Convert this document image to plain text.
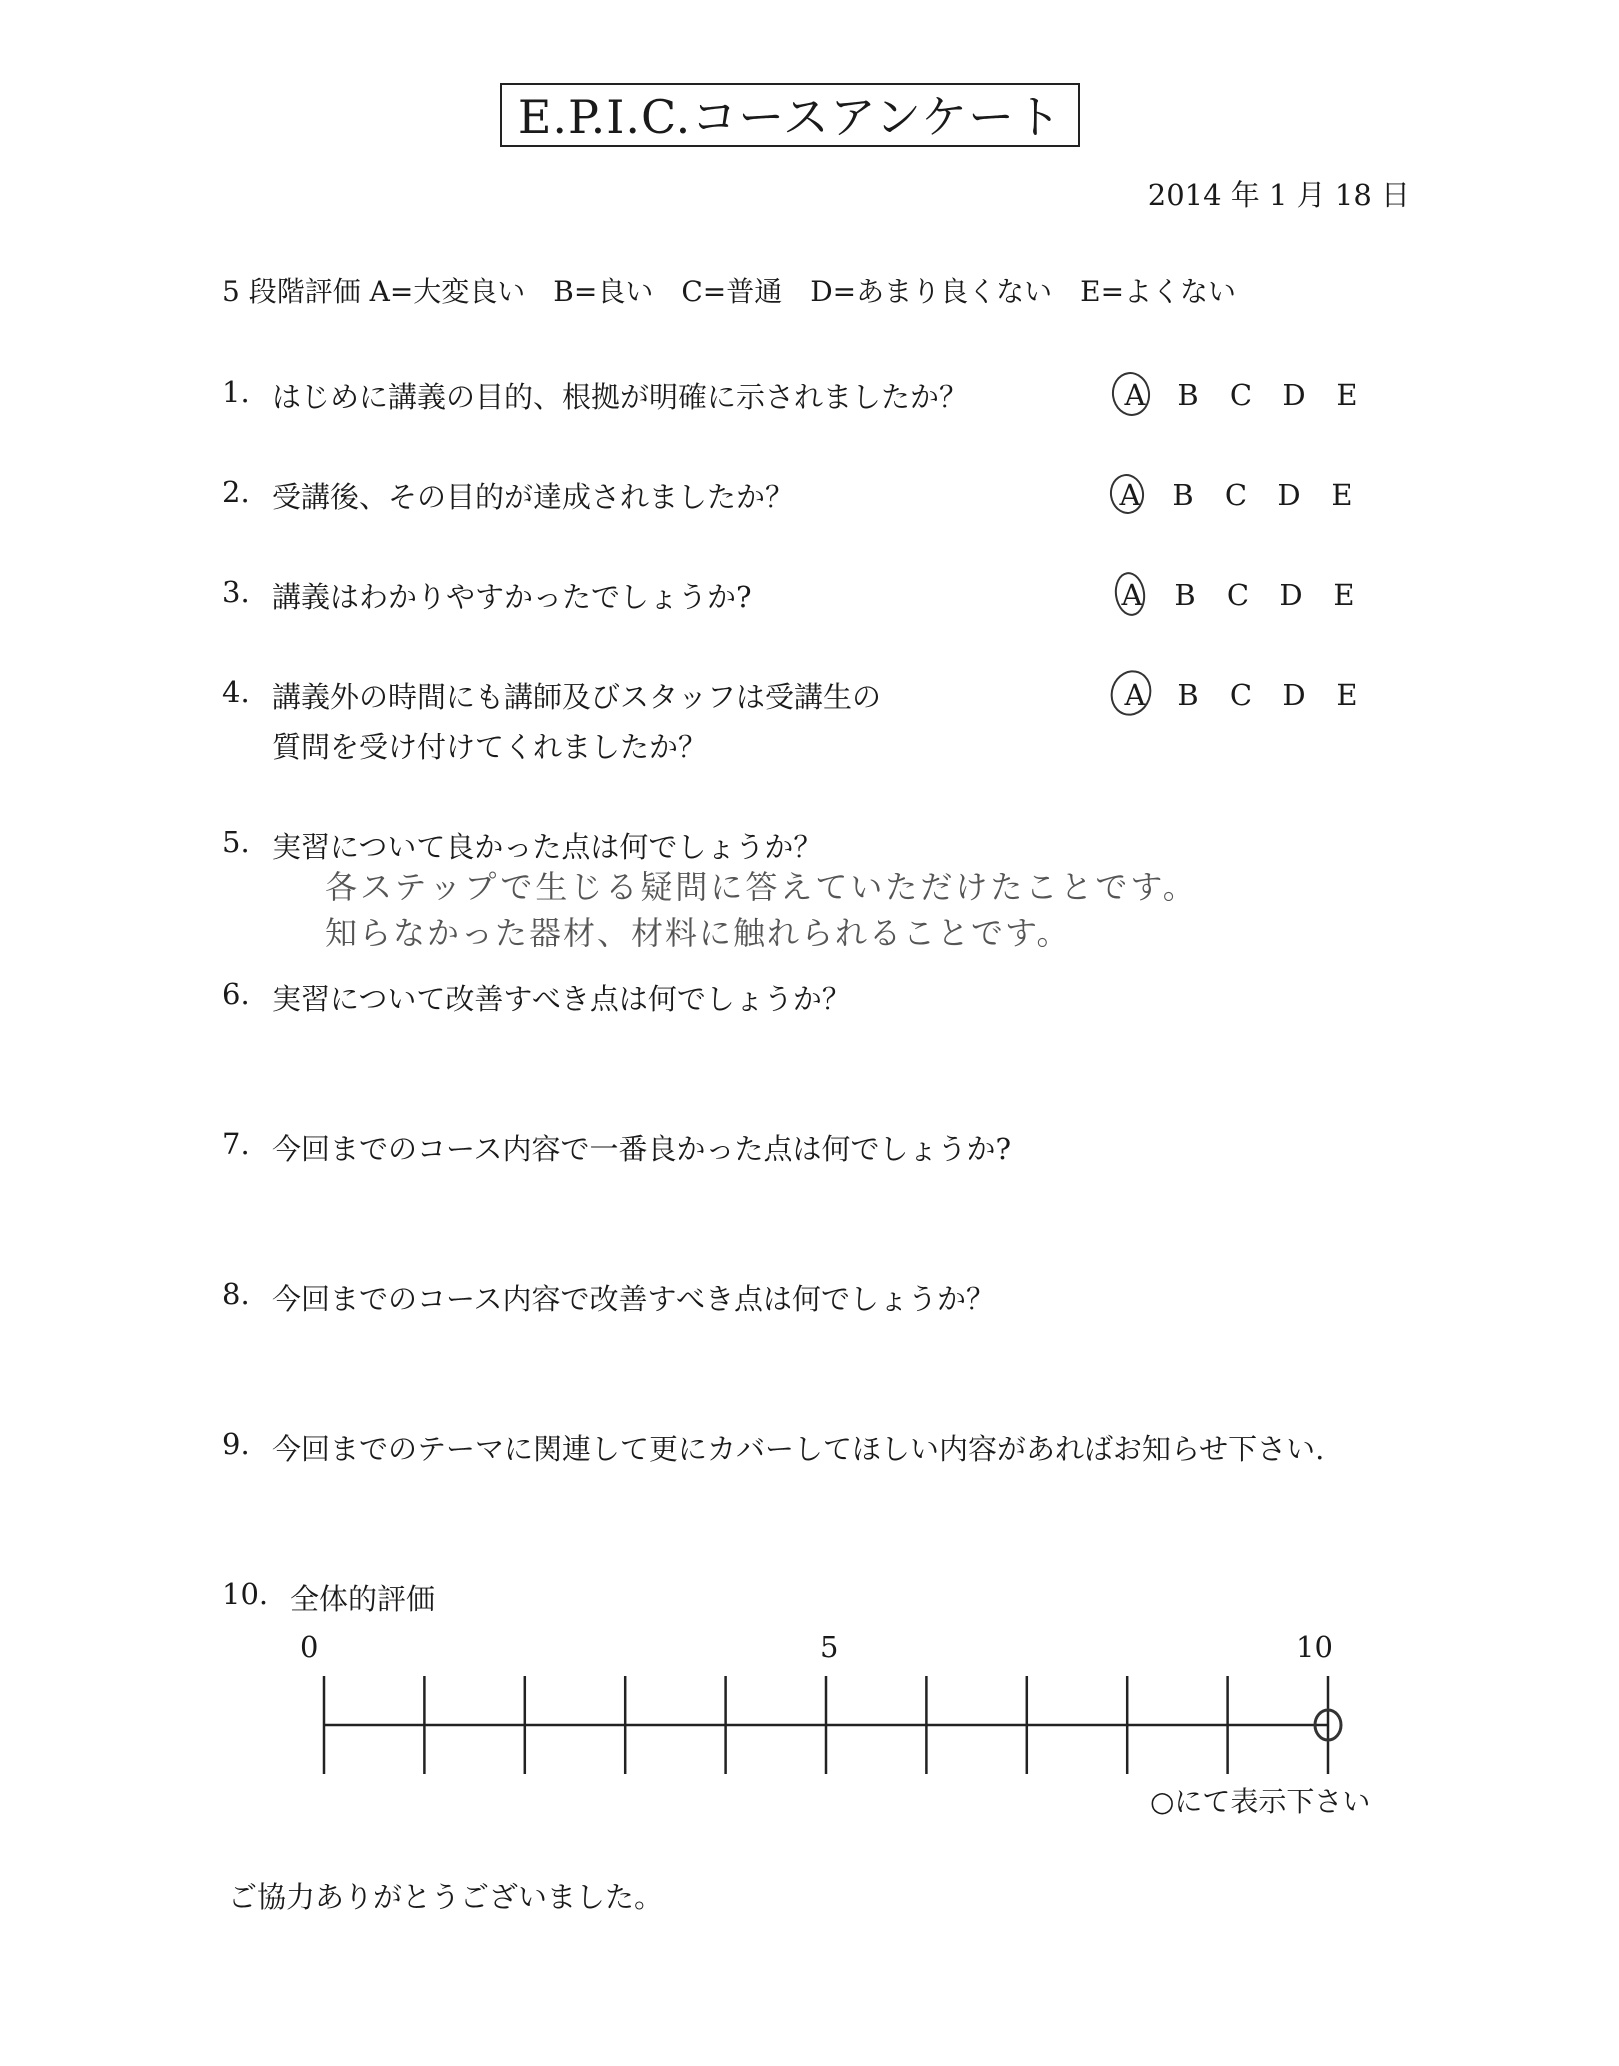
E.P.I.C.コースアンケート
2014 年 1 月 18 日
5 段階評価 A=大変良い　B=良い　C=普通　D=あまり良くない　E=よくない
1. はじめに講義の目的、根拠が明確に示されましたか？	A	B	C	D	E
2. 受講後、その目的が達成されましたか？	A	B	C	D	E
3. 講義はわかりやすかったでしょうか?	A	B	C	D	E
4. 講義外の時間にも講師及びスタッフは受講生の
質問を受け付けてくれましたか？
A	B	C	D	E
5. 実習について良かった点は何でしょうか？
各ステップで生じる疑問に答えていただけたことです。
知らなかった器材、材料に触れられることです。
6. 実習について改善すべき点は何でしょうか？
7. 今回までのコース内容で一番良かった点は何でしょうか?
8. 今回までのコース内容で改善すべき点は何でしょうか？
9. 今回までのテーマに関連して更にカバーしてほしい内容があればお知らせ下さい.
10. 全体的評価
0	5	10
○にて表示下さい
ご協力ありがとうございました。
